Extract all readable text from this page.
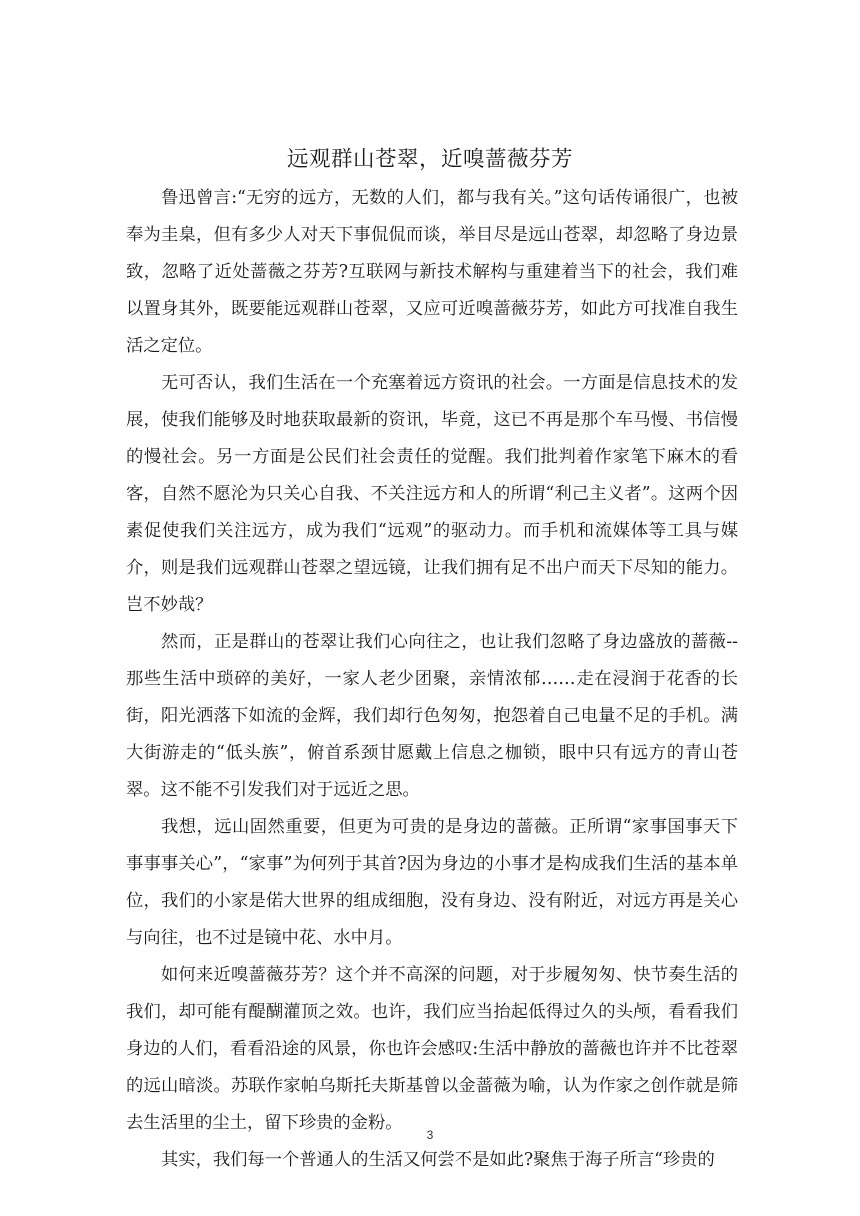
远观群山苍翠，近嗅蔷薇芬芳

鲁迅曾言:“无穷的远方，无数的人们，都与我有关。”这句话传诵很广，也被奉为圭臬，但有多少人对天下事侃侃而谈，举目尽是远山苍翠，却忽略了身边景致，忽略了近处蔷薇之芬芳?互联网与新技术解构与重建着当下的社会，我们难以置身其外，既要能远观群山苍翠，又应可近嗅蔷薇芬芳，如此方可找准自我生活之定位。

无可否认，我们生活在一个充塞着远方资讯的社会。一方面是信息技术的发展，使我们能够及时地获取最新的资讯，毕竟，这已不再是那个车马慢、书信慢的慢社会。另一方面是公民们社会责任的觉醒。我们批判着作家笔下麻木的看客，自然不愿沦为只关心自我、不关注远方和人的所谓“利己主义者”。这两个因素促使我们关注远方，成为我们“远观”的驱动力。而手机和流媒体等工具与媒介，则是我们远观群山苍翠之望远镜，让我们拥有足不出户而天下尽知的能力。岂不妙哉？

然而，正是群山的苍翠让我们心向往之，也让我们忽略了身边盛放的蔷薇--那些生活中琐碎的美好，一家人老少团聚，亲情浓郁……走在浸润于花香的长街，阳光洒落下如流的金辉，我们却行色匆匆，抱怨着自己电量不足的手机。满大街游走的“低头族”，俯首系颈甘愿戴上信息之枷锁，眼中只有远方的青山苍翠。这不能不引发我们对于远近之思。

我想，远山固然重要，但更为可贵的是身边的蔷薇。正所谓“家事国事天下事事事关心”，“家事”为何列于其首?因为身边的小事才是构成我们生活的基本单位，我们的小家是偌大世界的组成细胞，没有身边、没有附近，对远方再是关心与向往，也不过是镜中花、水中月。

如何来近嗅蔷薇芬芳？这个并不高深的问题，对于步履匆匆、快节奏生活的我们，却可能有醍醐灌顶之效。也许，我们应当抬起低得过久的头颅，看看我们身边的人们，看看沿途的风景，你也许会感叹:生活中静放的蔷薇也许并不比苍翠的远山暗淡。苏联作家帕乌斯托夫斯基曾以金蔷薇为喻，认为作家之创作就是筛去生活里的尘土，留下珍贵的金粉。

其实，我们每一个普通人的生活又何尝不是如此?聚焦于海子所言“珍贵的

3
